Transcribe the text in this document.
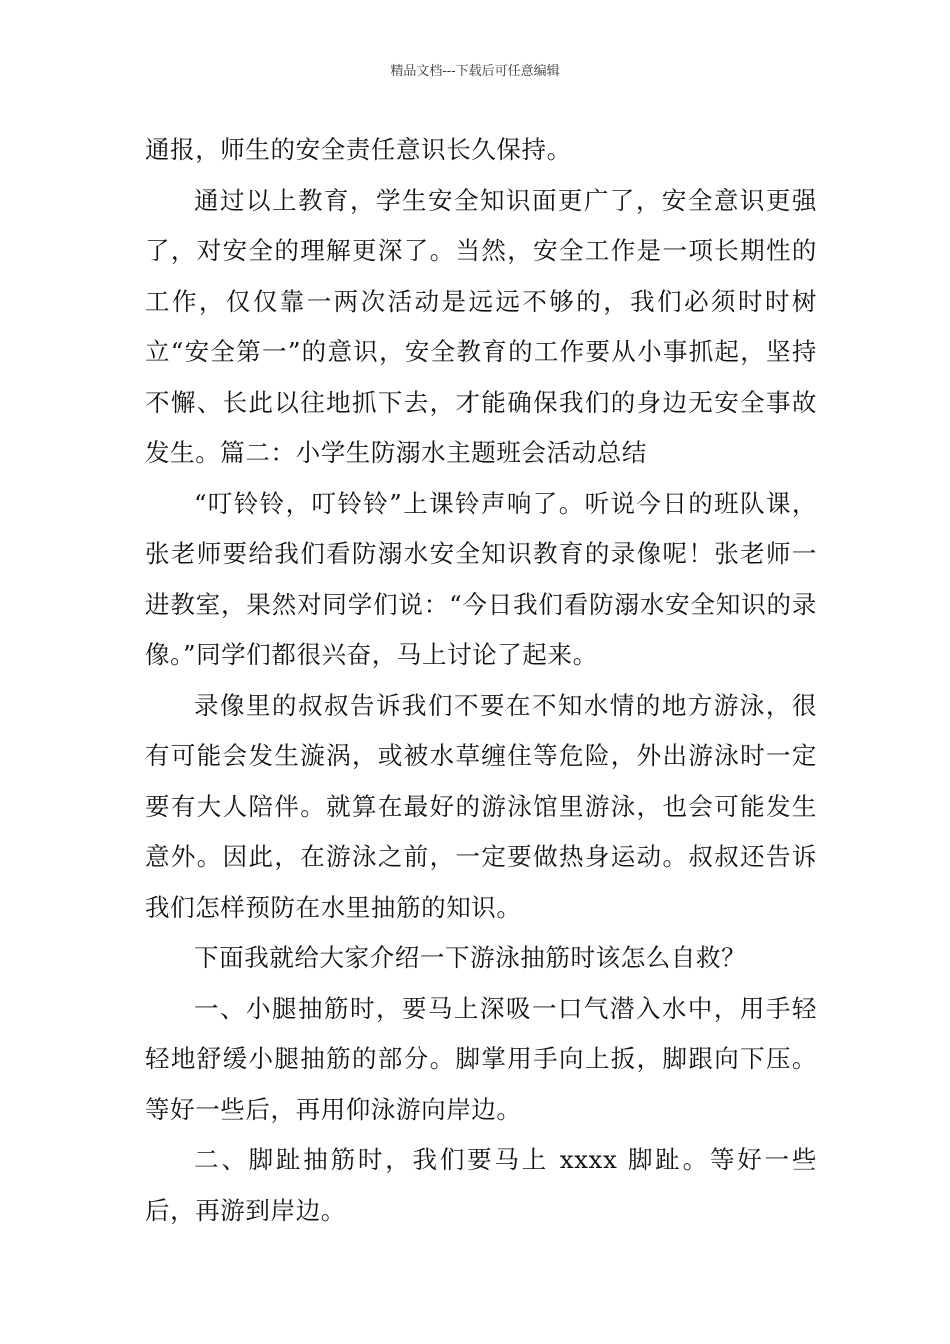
精品文档---下载后可任意编辑

通报，师生的安全责任意识长久保持。

通过以上教育，学生安全知识面更广了，安全意识更强了，对安全的理解更深了。当然，安全工作是一项长期性的工作，仅仅靠一两次活动是远远不够的，我们必须时时树立“安全第一”的意识，安全教育的工作要从小事抓起，坚持不懈、长此以往地抓下去，才能确保我们的身边无安全事故发生。篇二：小学生防溺水主题班会活动总结

“叮铃铃，叮铃铃”上课铃声响了。听说今日的班队课，张老师要给我们看防溺水安全知识教育的录像呢！张老师一进教室，果然对同学们说：“今日我们看防溺水安全知识的录像。”同学们都很兴奋，马上讨论了起来。

录像里的叔叔告诉我们不要在不知水情的地方游泳，很有可能会发生漩涡，或被水草缠住等危险，外出游泳时一定要有大人陪伴。就算在最好的游泳馆里游泳，也会可能发生意外。因此，在游泳之前，一定要做热身运动。叔叔还告诉我们怎样预防在水里抽筋的知识。

下面我就给大家介绍一下游泳抽筋时该怎么自救？

一、小腿抽筋时，要马上深吸一口气潜入水中，用手轻轻地舒缓小腿抽筋的部分。脚掌用手向上扳，脚跟向下压。等好一些后，再用仰泳游向岸边。

二、脚趾抽筋时，我们要马上 xxxx 脚趾。等好一些后，再游到岸边。
